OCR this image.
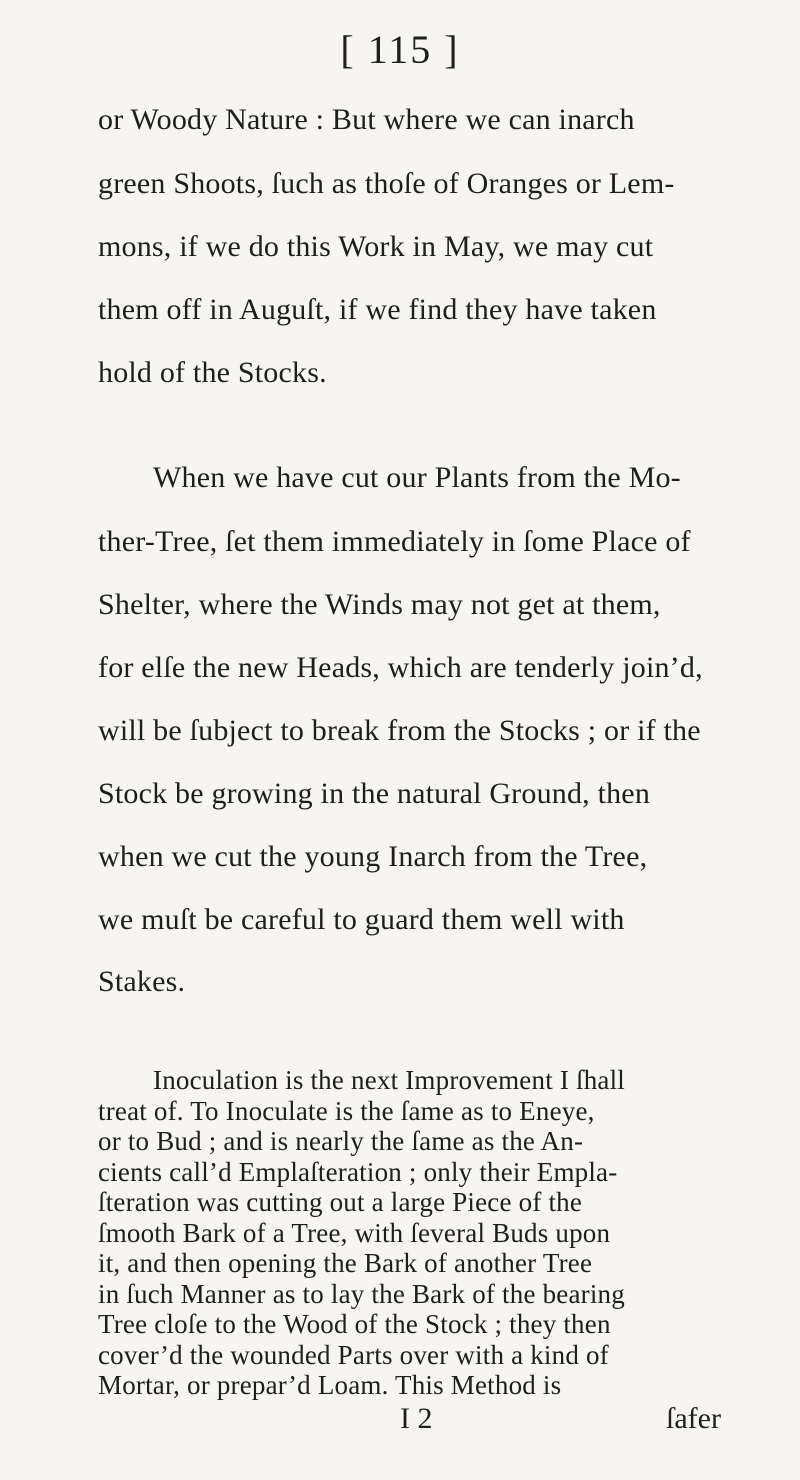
[ 115 ]
or Woody Nature : But where we can inarch
green Shoots, ſuch as thoſe of Oranges or Lem-
mons, if we do this Work in May, we may cut
them off in Auguſt, if we find they have taken
hold of the Stocks.
When we have cut our Plants from the Mo-
ther-Tree, ſet them immediately in ſome Place of
Shelter, where the Winds may not get at them,
for elſe the new Heads, which are tenderly join’d,
will be ſubject to break from the Stocks ; or if the
Stock be growing in the natural Ground, then
when we cut the young Inarch from the Tree,
we muſt be careful to guard them well with
Stakes.
Inoculation is the next Improvement I ſhall
treat of. To Inoculate is the ſame as to Eneye,
or to Bud ; and is nearly the ſame as the An-
cients call’d Emplaſteration ; only their Empla-
ſteration was cutting out a large Piece of the
ſmooth Bark of a Tree, with ſeveral Buds upon
it, and then opening the Bark of another Tree
in ſuch Manner as to lay the Bark of the bearing
Tree cloſe to the Wood of the Stock ; they then
cover’d the wounded Parts over with a kind of
Mortar, or prepar’d Loam. This Method is
I 2	ſafer
